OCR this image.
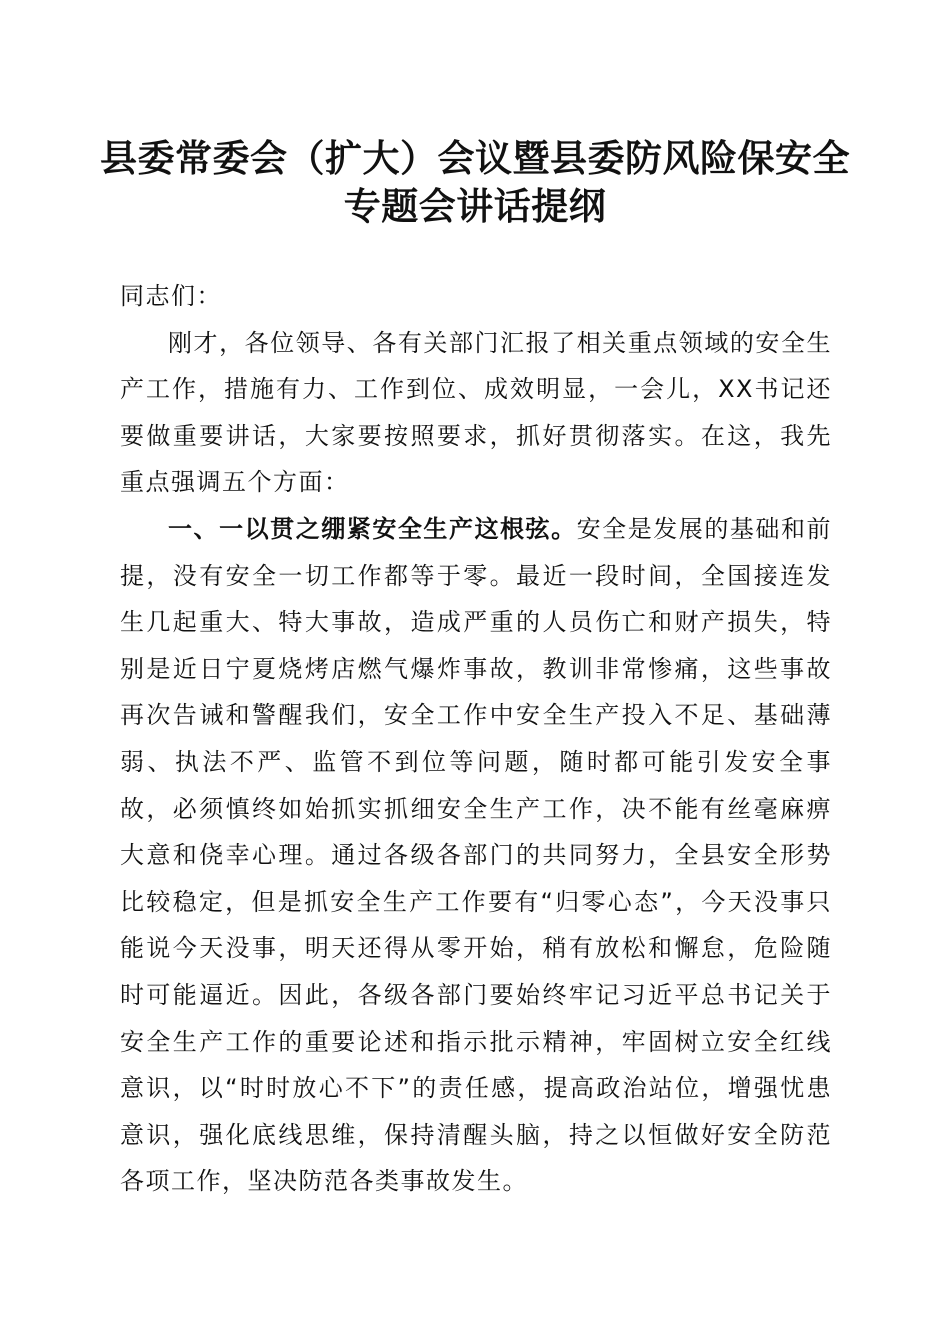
县委常委会（扩大）会议暨县委防风险保安全
专题会讲话提纲

同志们：

刚才，各位领导、各有关部门汇报了相关重点领域的安全生产工作，措施有力、工作到位、成效明显，一会儿，XX书记还要做重要讲话，大家要按照要求，抓好贯彻落实。在这，我先重点强调五个方面：

一、一以贯之绷紧安全生产这根弦。安全是发展的基础和前提，没有安全一切工作都等于零。最近一段时间，全国接连发生几起重大、特大事故，造成严重的人员伤亡和财产损失，特别是近日宁夏烧烤店燃气爆炸事故，教训非常惨痛，这些事故再次告诫和警醒我们，安全工作中安全生产投入不足、基础薄弱、执法不严、监管不到位等问题，随时都可能引发安全事故，必须慎终如始抓实抓细安全生产工作，决不能有丝毫麻痹大意和侥幸心理。通过各级各部门的共同努力，全县安全形势比较稳定，但是抓安全生产工作要有“归零心态”，今天没事只能说今天没事，明天还得从零开始，稍有放松和懈怠，危险随时可能逼近。因此，各级各部门要始终牢记习近平总书记关于安全生产工作的重要论述和指示批示精神，牢固树立安全红线意识，以“时时放心不下”的责任感，提高政治站位，增强忧患意识，强化底线思维，保持清醒头脑，持之以恒做好安全防范各项工作，坚决防范各类事故发生。
